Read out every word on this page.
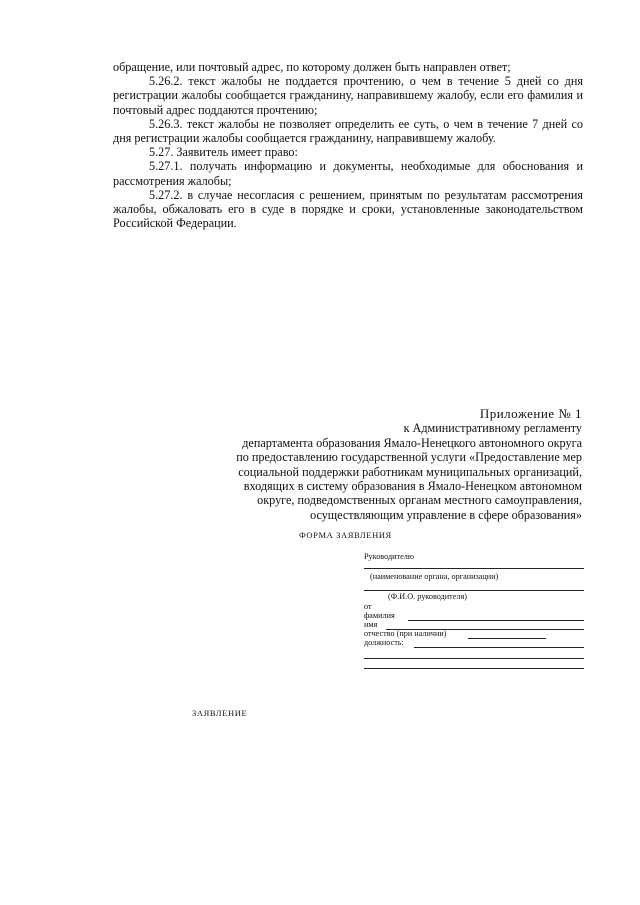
обращение, или почтовый адрес, по которому должен быть направлен ответ;

5.26.2. текст жалобы не поддается прочтению, о чем в течение 5 дней со дня регистрации жалобы сообщается гражданину, направившему жалобу, если его фамилия и почтовый адрес поддаются прочтению;

5.26.3. текст жалобы не позволяет определить ее суть, о чем в течение 7 дней со дня регистрации жалобы сообщается гражданину, направившему жалобу.

5.27. Заявитель имеет право:

5.27.1. получать информацию и документы, необходимые для обоснования и рассмотрения жалобы;

5.27.2. в случае несогласия с решением, принятым по результатам рассмотрения жалобы, обжаловать его в суде в порядке и сроки, установленные законодательством Российской Федерации.

Приложение № 1
к Административному регламенту
департамента образования Ямало-Ненецкого автономного округа
по предоставлению государственной услуги «Предоставление мер
социальной поддержки работникам муниципальных организаций,
входящих в систему образования в Ямало-Ненецком автономном
округе, подведомственных органам местного самоуправления,
осуществляющим управление в сфере образования»
ФОРМА ЗАЯВЛЕНИЯ
Руководителю
(наименование органа, организации)
(Ф.И.О. руководителя)
от
фамилия
имя
отчество (при наличии)
должность:
ЗАЯВЛЕНИЕ
